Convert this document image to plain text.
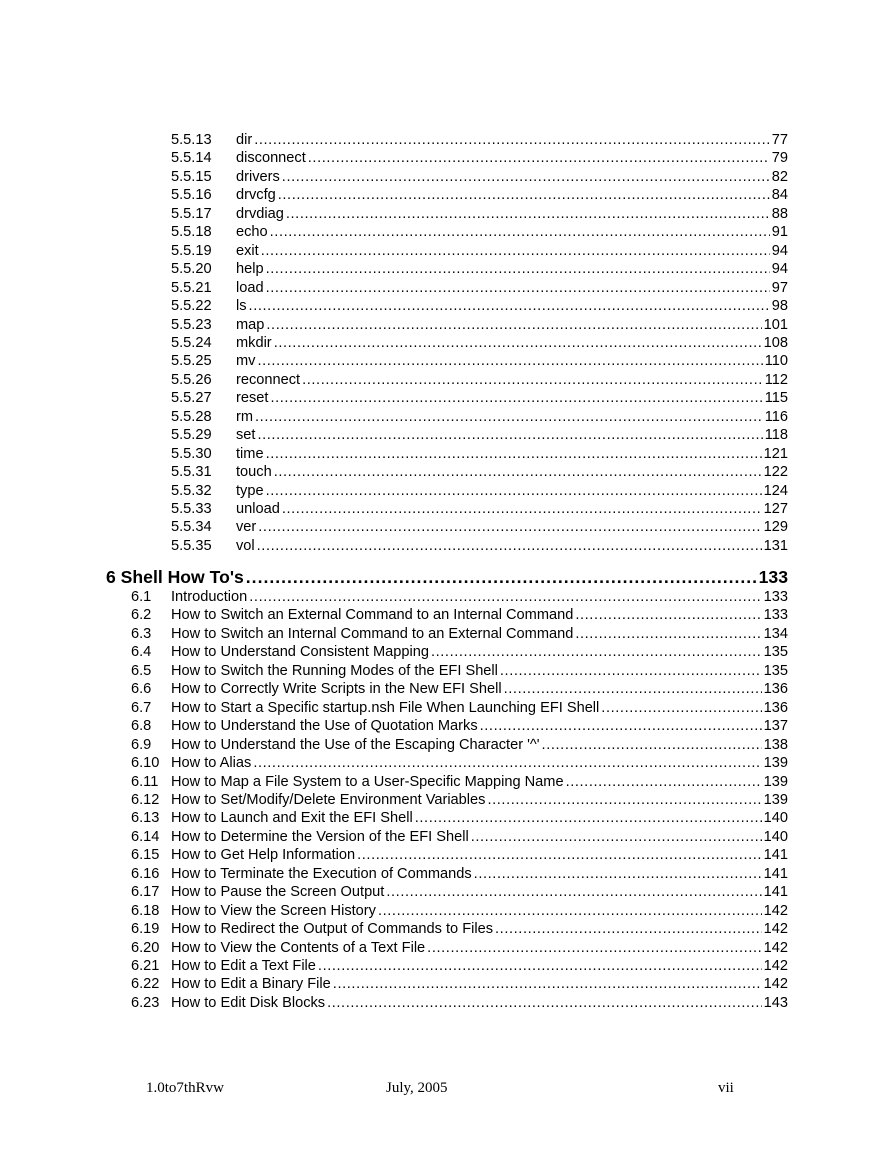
5.5.13	dir .....	77
5.5.14	disconnect .....	79
5.5.15	drivers .....	82
5.5.16	drvcfg .....	84
5.5.17	drvdiag .....	88
5.5.18	echo .....	91
5.5.19	exit .....	94
5.5.20	help .....	94
5.5.21	load .....	97
5.5.22	ls .....	98
5.5.23	map .....	101
5.5.24	mkdir .....	108
5.5.25	mv .....	110
5.5.26	reconnect .....	112
5.5.27	reset .....	115
5.5.28	rm .....	116
5.5.29	set .....	118
5.5.30	time .....	121
5.5.31	touch .....	122
5.5.32	type .....	124
5.5.33	unload .....	127
5.5.34	ver .....	129
5.5.35	vol .....	131
6 Shell How To's .....	133
6.1	Introduction .....	133
6.2	How to Switch an External Command to an Internal Command .....	133
6.3	How to Switch an Internal Command to an External Command .....	134
6.4	How to Understand Consistent Mapping .....	135
6.5	How to Switch the Running Modes of the EFI Shell .....	135
6.6	How to Correctly Write Scripts in the New EFI Shell .....	136
6.7	How to Start a Specific startup.nsh File When Launching EFI Shell .....	136
6.8	How to Understand the Use of Quotation Marks .....	137
6.9	How to Understand the Use of the Escaping Character '^' .....	138
6.10 How to Alias .....	139
6.11 How to Map a File System to a User-Specific Mapping Name .....	139
6.12 How to Set/Modify/Delete Environment Variables .....	139
6.13 How to Launch and Exit the EFI Shell .....	140
6.14 How to Determine the Version of the EFI Shell .....	140
6.15 How to Get Help Information .....	141
6.16 How to Terminate the Execution of Commands .....	141
6.17 How to Pause the Screen Output .....	141
6.18 How to View the Screen History .....	142
6.19 How to Redirect the Output of Commands to Files .....	142
6.20 How to View the Contents of a Text File .....	142
6.21 How to Edit a Text File .....	142
6.22 How to Edit a Binary File .....	142
6.23 How to Edit Disk Blocks .....	143
1.0to7thRvw	July, 2005	vii
